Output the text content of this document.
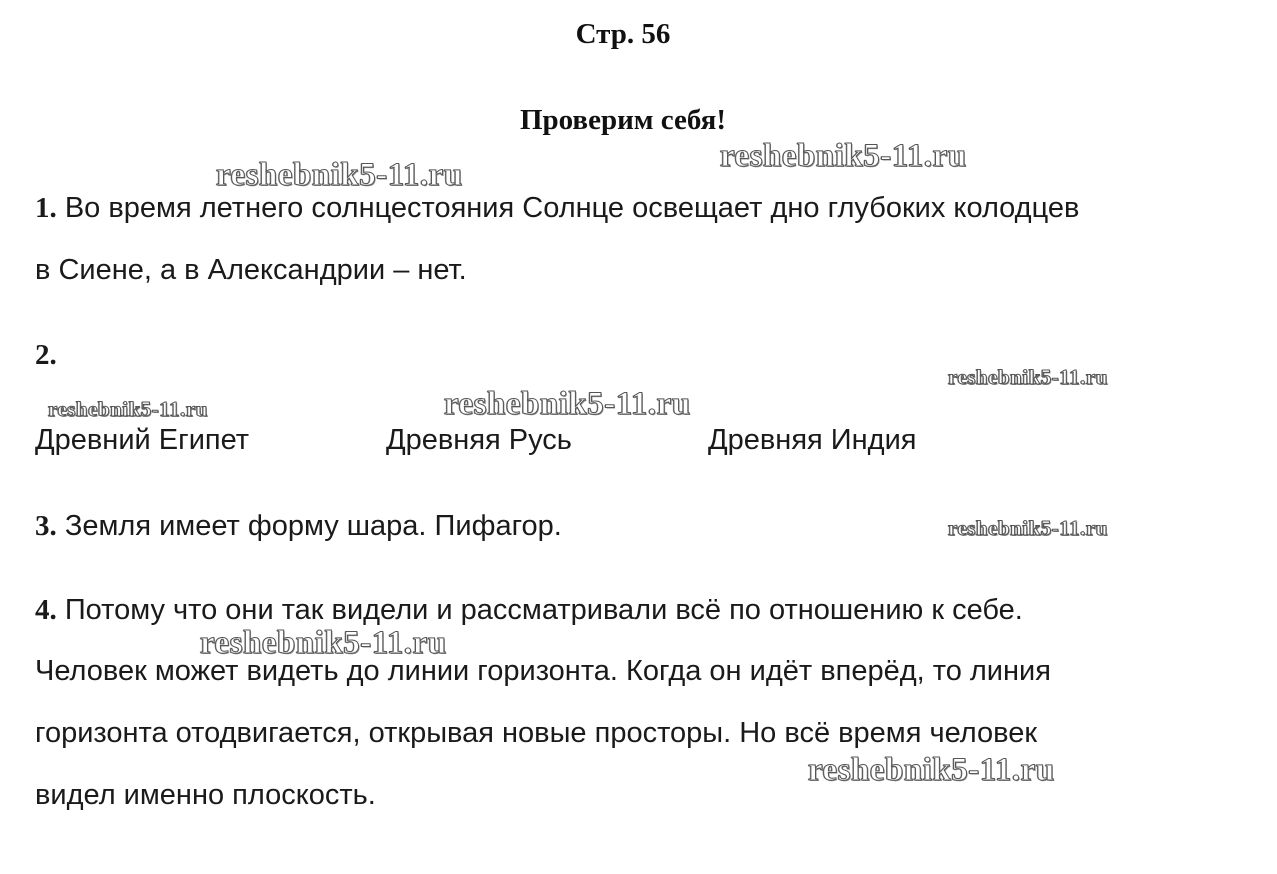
Стр. 56
Проверим себя!
1. Во время летнего солнцестояния Солнце освещает дно глубоких колодцев
в Сиене, а в Александрии – нет.
2.
Древний Египет	Древняя Русь	Древняя Индия
3. Земля имеет форму шара. Пифагор.
4. Потому что они так видели и рассматривали всё по отношению к себе.
Человек может видеть до линии горизонта. Когда он идёт вперёд, то линия
горизонта отодвигается, открывая новые просторы. Но всё время человек
видел именно плоскость.
reshebnik5-11.ru
reshebnik5-11.ru
reshebnik5-11.ru
reshebnik5-11.ru	reshebnik5-11.ru
reshebnik5-11.ru
reshebnik5-11.ru
reshebnik5-11.ru
